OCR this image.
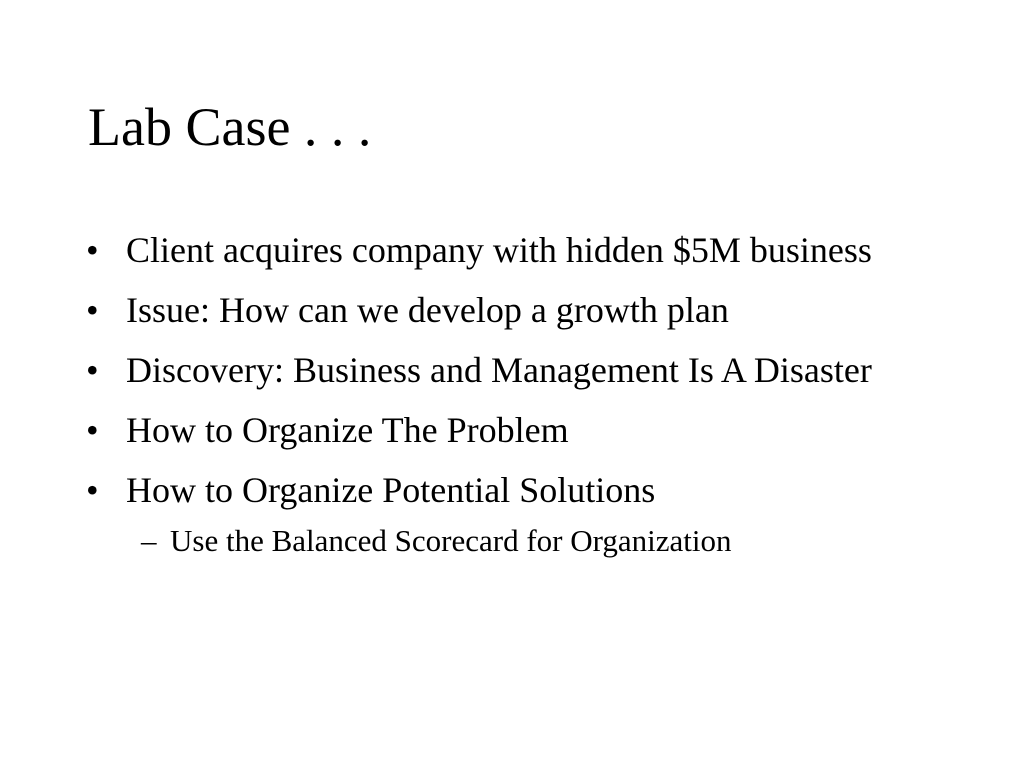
Lab Case . . .
• Client acquires company with hidden $5M business
• Issue: How can we develop a growth plan
• Discovery: Business and Management Is A Disaster
• How to Organize The Problem
• How to Organize Potential Solutions
– Use the Balanced Scorecard for Organization
